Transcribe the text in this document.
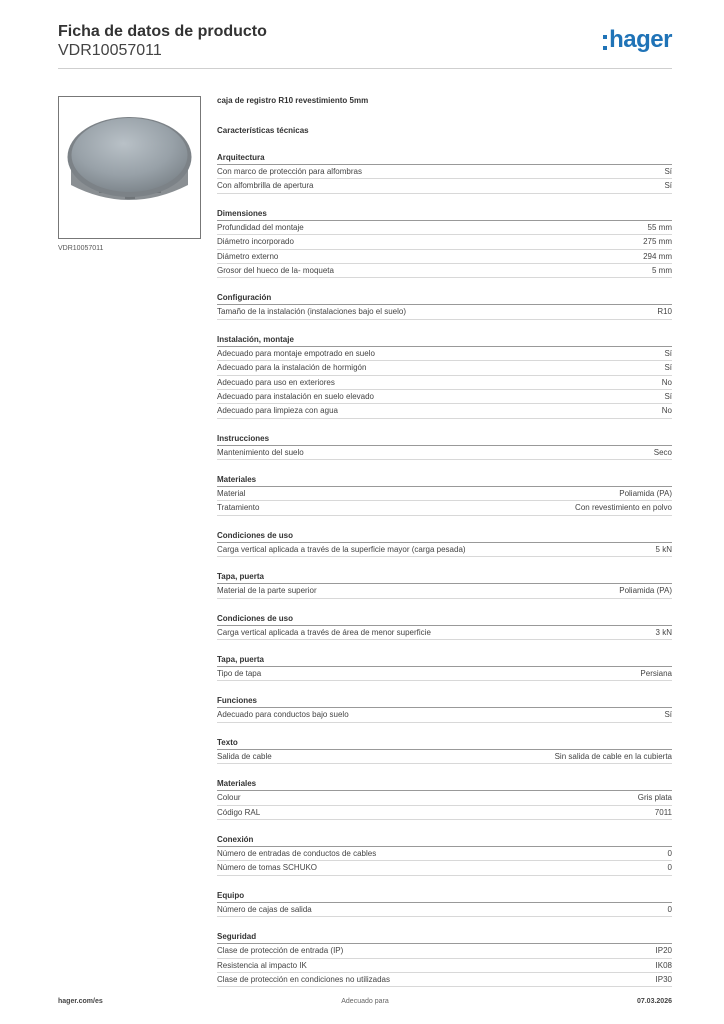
Ficha de datos de producto
VDR10057011	hager
VDR10057011
caja de registro R10 revestimiento 5mm
Características técnicas
Arquitectura
Con marco de protección para alfombras	Sí
Con alfombrilla de apertura	Sí
Dimensiones
Profundidad del montaje	55 mm
Diámetro incorporado	275 mm
Diámetro externo	294 mm
Grosor del hueco de la- moqueta	5 mm
Configuración
Tamaño de la instalación (instalaciones bajo el suelo)	R10
Instalación, montaje
Adecuado para montaje empotrado en suelo	Sí
Adecuado para la instalación de hormigón	Sí
Adecuado para uso en exteriores	No
Adecuado para instalación en suelo elevado	Sí
Adecuado para limpieza con agua	No
Instrucciones
Mantenimiento del suelo	Seco
Materiales
Material	Poliamida (PA)
Tratamiento	Con revestimiento en polvo
Condiciones de uso
Carga vertical aplicada a través de la superficie mayor (carga pesada)	5 kN
Tapa, puerta
Material de la parte superior	Poliamida (PA)
Condiciones de uso
Carga vertical aplicada a través de área de menor superficie	3 kN
Tapa, puerta
Tipo de tapa	Persiana
Funciones
Adecuado para conductos bajo suelo	Sí
Texto
Salida de cable	Sin salida de cable en la cubierta
Materiales
Colour	Gris plata
Código RAL	7011
Conexión
Número de entradas de conductos de cables	0
Número de tomas SCHUKO	0
Equipo
Número de cajas de salida	0
Seguridad
Clase de protección de entrada (IP)	IP20
Resistencia al impacto IK	IK08
Clase de protección en condiciones no utilizadas	IP30
hager.com/es	Adecuado para	07.03.2026
